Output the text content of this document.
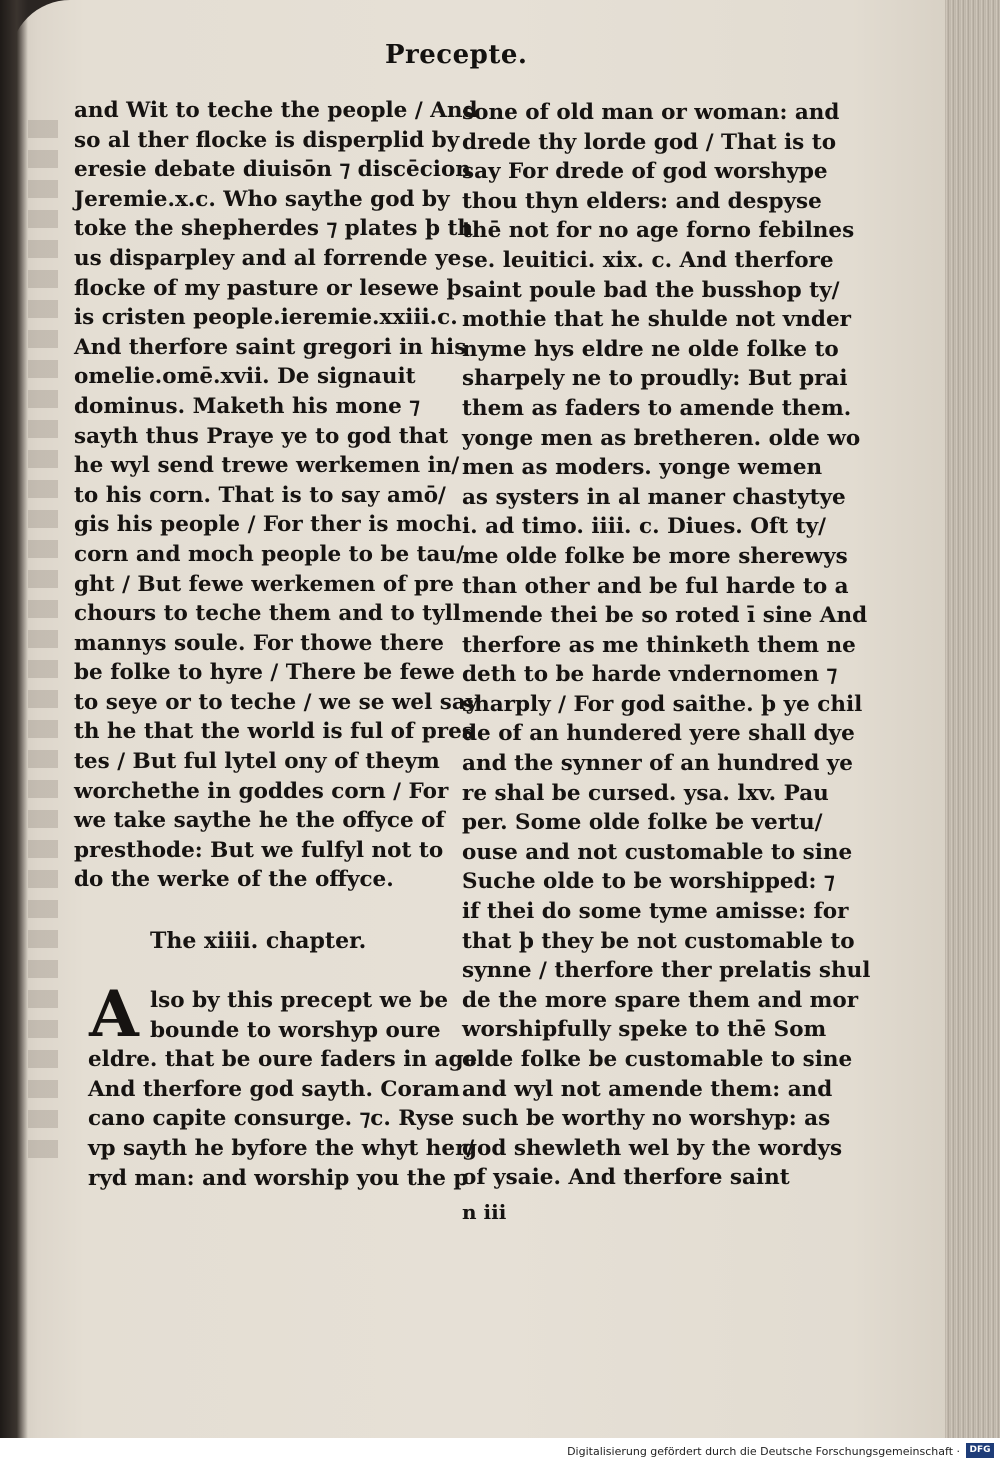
Precepte.
and Wit to teche the people / And
so al ther flocke is disperplid by
eresie debate diuisōn ⁊ discēcion
Jeremie.x.c. Who saythe god by
toke the shepherdes ⁊ plates þ th
us disparpley and al forrende ye
flocke of my pasture or lesewe þ
is cristen people.ieremie.xxiii.c.
And therfore saint gregori in his
omelie.omē.xvii. De signauit
dominus. Maketh his mone ⁊
sayth thus Praye ye to god that
he wyl send trewe werkemen in/
to his corn. That is to say amō/
gis his people / For ther is moch
corn and moch people to be tau/
ght / But fewe werkemen of pre
chours to teche them and to tyll
mannys soule. For thowe there
be folke to hyre / There be fewe
to seye or to teche / we se wel say
th he that the world is ful of pres
tes / But ful lytel ony of theym
worchethe in goddes corn / For
we take saythe he the offyce of
presthode: But we fulfyl not to
do the werke of the offyce.
The xiiii. chapter.
A lso by this precept we be
bounde to worshyp oure
eldre. that be oure faders in age
And therfore god sayth. Coram
cano capite consurge. ⁊c. Ryse
vp sayth he byfore the whyt her/
ryd man: and worship you the p
sone of old man or woman: and
drede thy lorde god / That is to
say For drede of god worshype
thou thyn elders: and despyse
thē not for no age forno febilnes
se. leuitici. xix. c. And therfore
saint poule bad the busshop ty/
mothie that he shulde not vnder
nyme hys eldre ne olde folke to
sharpely ne to proudly: But prai
them as faders to amende them.
yonge men as bretheren. olde wo
men as moders. yonge wemen
as systers in al maner chastytye
i. ad timo. iiii. c. Diues. Oft ty/
me olde folke be more sherewys
than other and be ful harde to a
mende thei be so roted ī sine And
therfore as me thinketh them ne
deth to be harde vndernomen ⁊
sharply / For god saithe. þ ye chil
de of an hundered yere shall dye
and the synner of an hundred ye
re shal be cursed. ysa. lxv. Pau
per. Some olde folke be vertu/
ouse and not customable to sine
Suche olde to be worshipped: ⁊
if thei do some tyme amisse: for
that þ they be not customable to
synne / therfore ther prelatis shul
de the more spare them and mor
worshipfully speke to thē Som
olde folke be customable to sine
and wyl not amende them: and
such be worthy no worshyp: as
god shewleth wel by the wordys
of ysaie. And therfore saint
n iii
Digitalisierung gefördert durch die Deutsche Forschungsgemeinschaft ·	DFG
